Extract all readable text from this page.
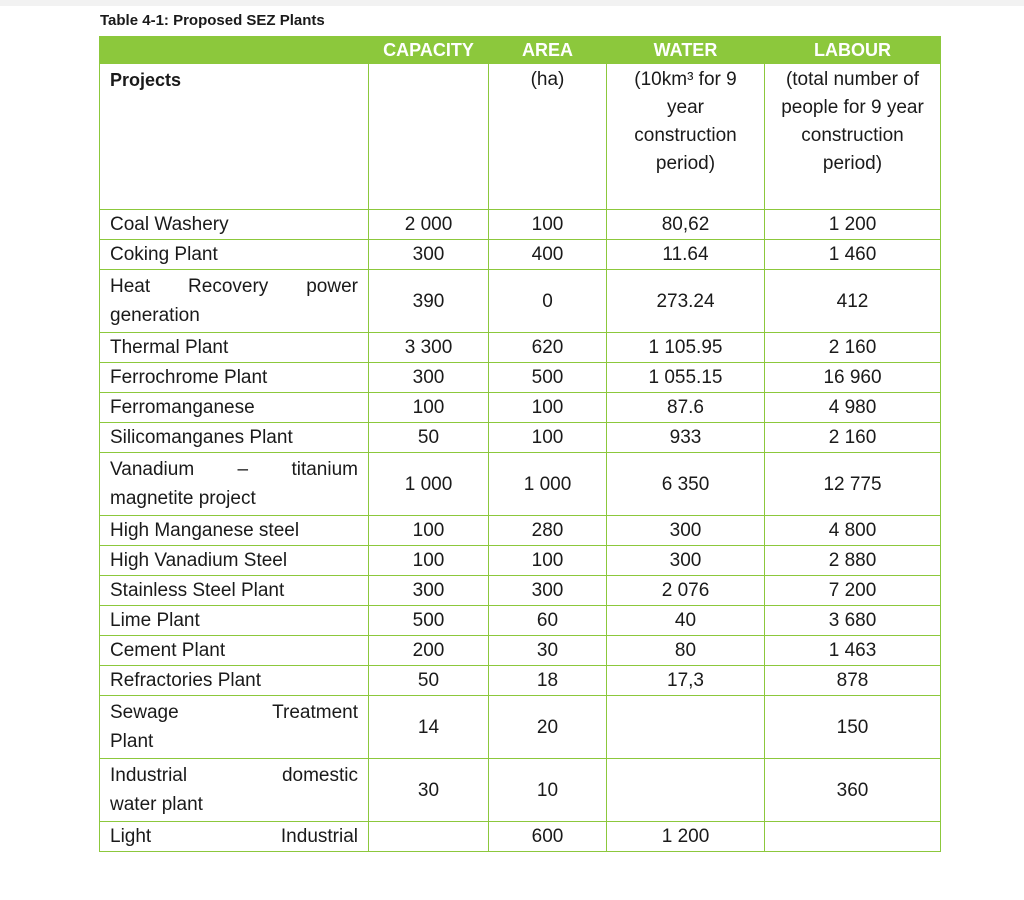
Table 4-1: Proposed SEZ Plants
	CAPACITY	AREA	WATER	LABOUR
Projects		(ha)	(10km³ for 9 year construction period)	(total number of people for 9 year construction period)
Coal Washery	2 000	100	80,62	1 200
Coking Plant	300	400	11.64	1 460

Heat Recovery power
generation	390	0	273.24	412
Thermal Plant	3 300	620	1 105.95	2 160
Ferrochrome Plant	300	500	1 055.15	16 960
Ferromanganese	100	100	87.6	4 980
Silicomanganes Plant	50	100	933	2 160

Vanadium – titanium
magnetite project	1 000	1 000	6 350	12 775
High Manganese steel	100	280	300	4 800
High Vanadium Steel	100	100	300	2 880
Stainless Steel Plant	300	300	2 076	7 200
Lime Plant	500	60	40	3 680
Cement Plant	200	30	80	1 463
Refractories Plant	50	18	17,3	878

Sewage Treatment
Plant	14	20		150

Industrial domestic
water plant	30	10		360

Light Industrial		600	1 200	
